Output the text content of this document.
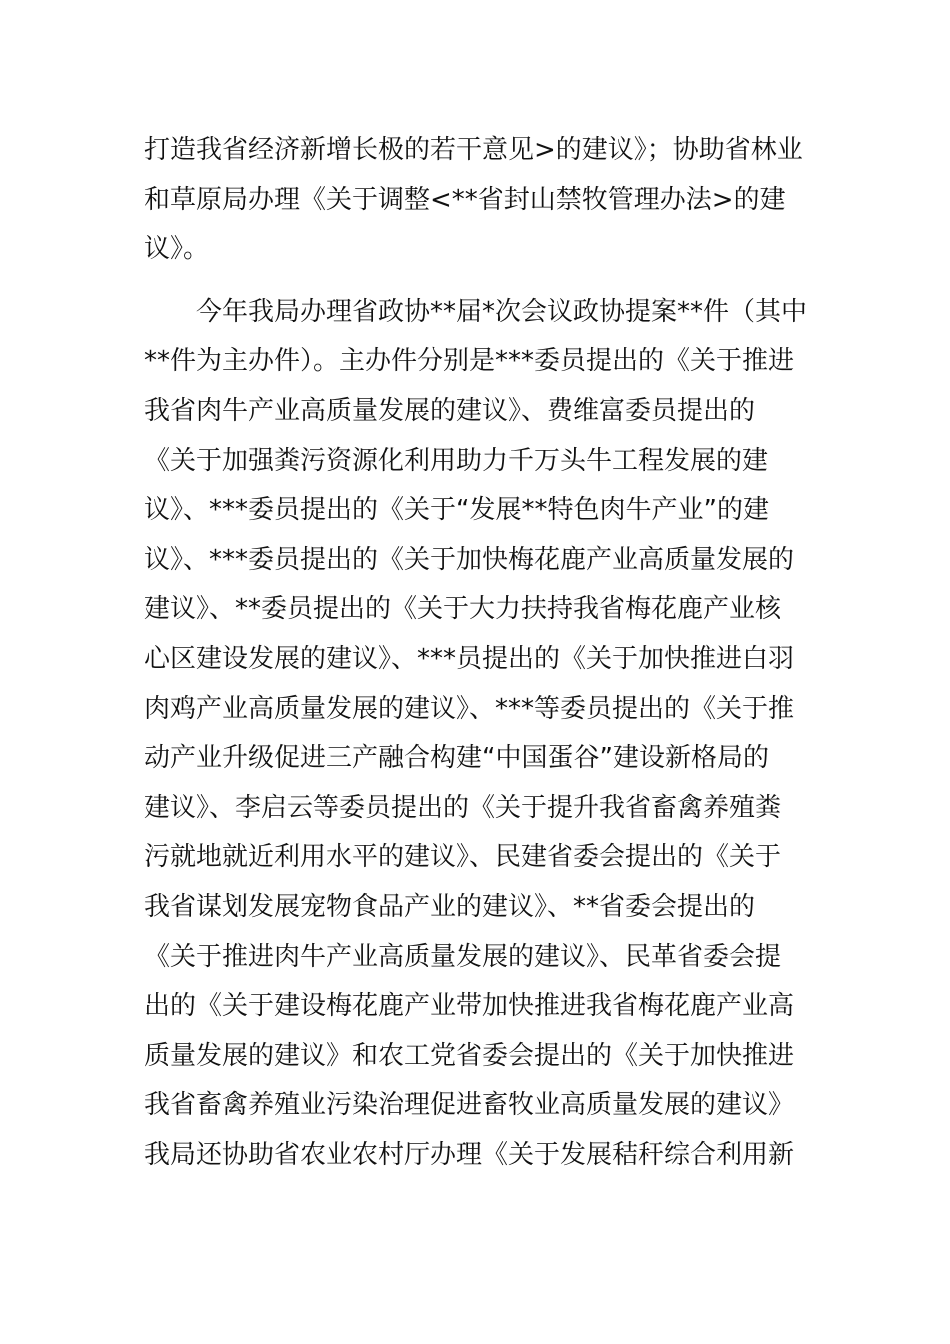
打造我省经济新增长极的若干意见>的建议》；协助省林业
和草原局办理《关于调整<**省封山禁牧管理办法>的建
议》。
今年我局办理省政协**届*次会议政协提案**件（其中
**件为主办件）。主办件分别是***委员提出的《关于推进
我省肉牛产业高质量发展的建议》、费维富委员提出的
《关于加强粪污资源化利用助力千万头牛工程发展的建
议》、***委员提出的《关于“发展**特色肉牛产业”的建
议》、***委员提出的《关于加快梅花鹿产业高质量发展的
建议》、**委员提出的《关于大力扶持我省梅花鹿产业核
心区建设发展的建议》、***员提出的《关于加快推进白羽
肉鸡产业高质量发展的建议》、***等委员提出的《关于推
动产业升级促进三产融合构建“中国蛋谷”建设新格局的
建议》、李启云等委员提出的《关于提升我省畜禽养殖粪
污就地就近利用水平的建议》、民建省委会提出的《关于
我省谋划发展宠物食品产业的建议》、**省委会提出的
《关于推进肉牛产业高质量发展的建议》、民革省委会提
出的《关于建设梅花鹿产业带加快推进我省梅花鹿产业高
质量发展的建议》和农工党省委会提出的《关于加快推进
我省畜禽养殖业污染治理促进畜牧业高质量发展的建议》
我局还协助省农业农村厅办理《关于发展秸秆综合利用新
